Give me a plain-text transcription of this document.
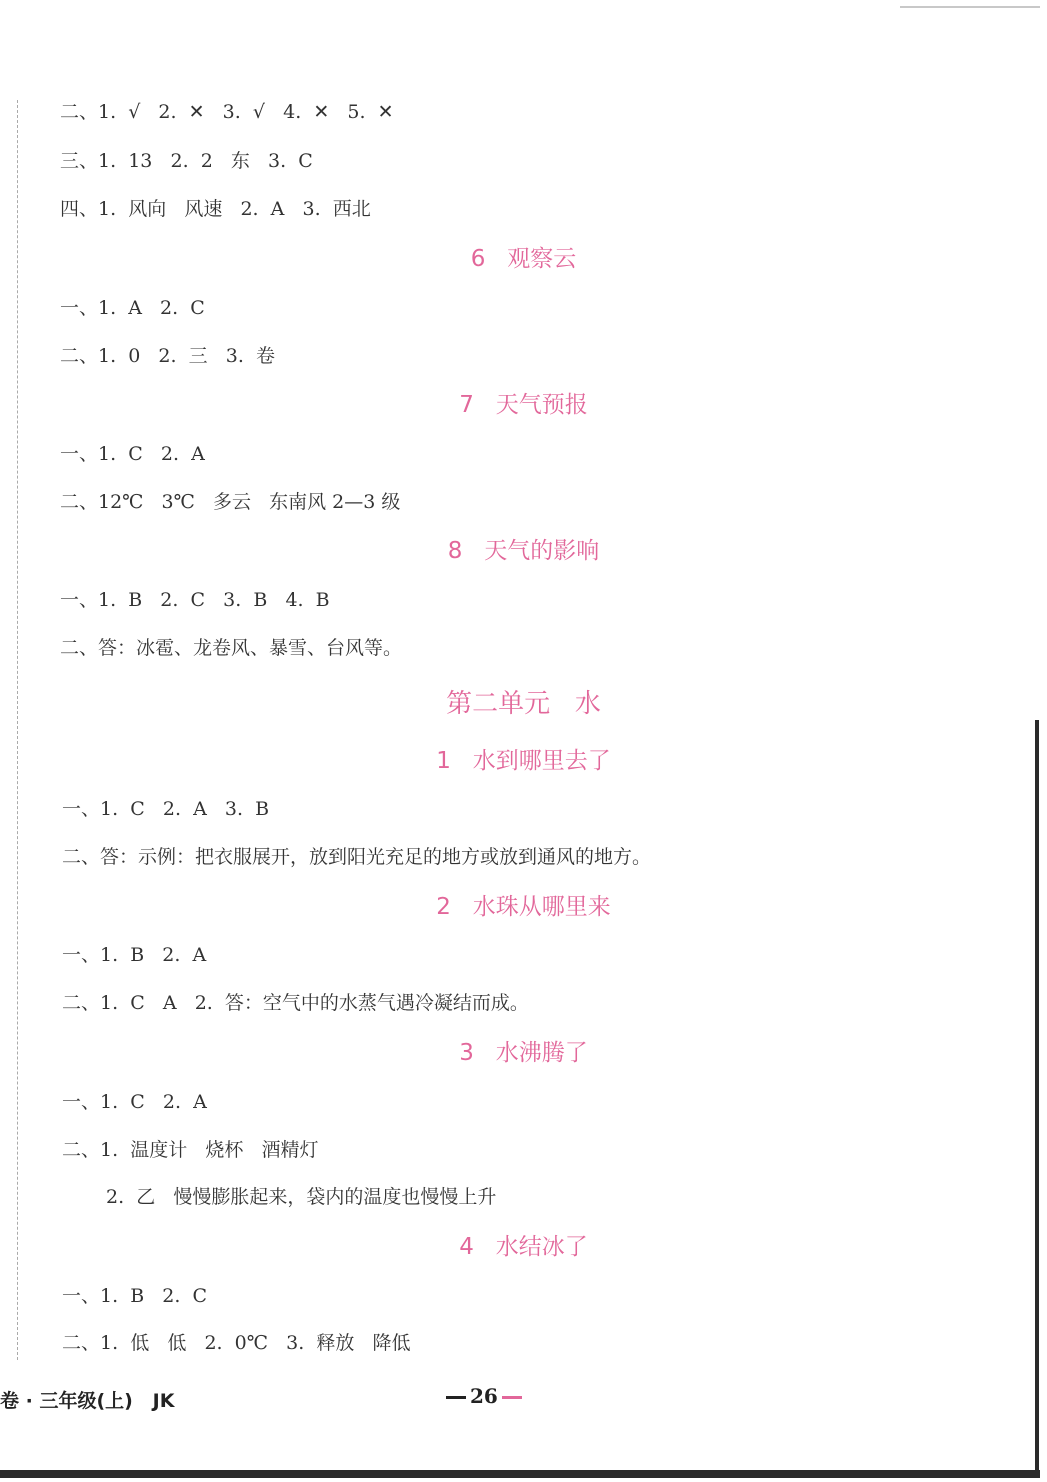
二、1.  √   2.  ✕   3.  √   4.  ✕   5.  ✕
三、1.  13   2.  2   东   3.  C
四、1.  风向   风速   2.  A   3.  西北
6   观察云
一、1.  A   2.  C
二、1.  0   2.  三   3.  卷
7   天气预报
一、1.  C   2.  A
二、12℃   3℃   多云   东南风 2—3 级
8   天气的影响
一、1.  B   2.  C   3.  B   4.  B
二、答：冰雹、龙卷风、暴雪、台风等。
第二单元   水
1   水到哪里去了
一、1.  C   2.  A   3.  B
二、答：示例：把衣服展开，放到阳光充足的地方或放到通风的地方。
2   水珠从哪里来
一、1.  B   2.  A
二、1.  C   A   2.  答：空气中的水蒸气遇冷凝结而成。
3   水沸腾了
一、1.  C   2.  A
二、1.  温度计   烧杯   酒精灯
2.  乙   慢慢膨胀起来，袋内的温度也慢慢上升
4   水结冰了
一、1.  B   2.  C
二、1.  低   低   2.  0℃   3.  释放   降低
卷 · 三年级(上)   JK	26
